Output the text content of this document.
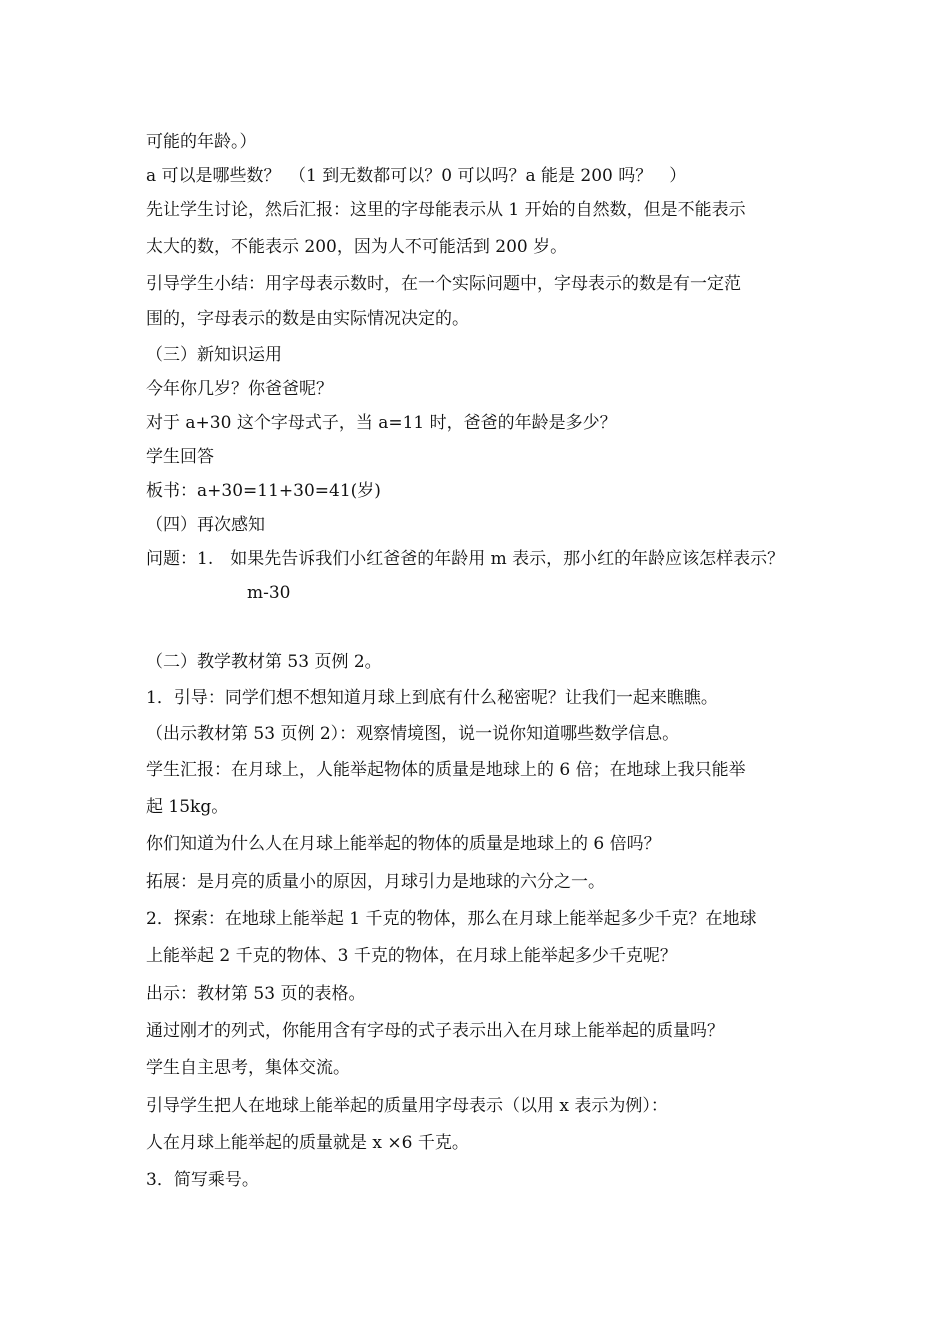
可能的年龄。）
a 可以是哪些数？　（1 到无数都可以？0 可以吗？a 能是 200 吗？　）
先让学生讨论，然后汇报：这里的字母能表示从 1 开始的自然数，但是不能表示
太大的数，不能表示 200，因为人不可能活到 200 岁。
引导学生小结：用字母表示数时，在一个实际问题中，字母表示的数是有一定范
围的，字母表示的数是由实际情况决定的。
（三）新知识运用
今年你几岁？你爸爸呢？
对于 a+30 这个字母式子，当 a=11 时，爸爸的年龄是多少？
学生回答
板书：a+30=11+30=41(岁)
（四）再次感知
问题：1.　如果先告诉我们小红爸爸的年龄用 m 表示，那小红的年龄应该怎样表示？
m-30
（二）教学教材第 53 页例 2。
1．引导：同学们想不想知道月球上到底有什么秘密呢？让我们一起来瞧瞧。
（出示教材第 53 页例 2）：观察情境图，说一说你知道哪些数学信息。
学生汇报：在月球上，人能举起物体的质量是地球上的 6 倍；在地球上我只能举
起 15kg。
你们知道为什么人在月球上能举起的物体的质量是地球上的 6 倍吗？
拓展：是月亮的质量小的原因，月球引力是地球的六分之一。
2．探索：在地球上能举起 1 千克的物体，那么在月球上能举起多少千克？在地球
上能举起 2 千克的物体、3 千克的物体，在月球上能举起多少千克呢？
出示：教材第 53 页的表格。
通过刚才的列式，你能用含有字母的式子表示出入在月球上能举起的质量吗？
学生自主思考，集体交流。
引导学生把人在地球上能举起的质量用字母表示（以用 x 表示为例）：
人在月球上能举起的质量就是 x ×6 千克。
3．简写乘号。
